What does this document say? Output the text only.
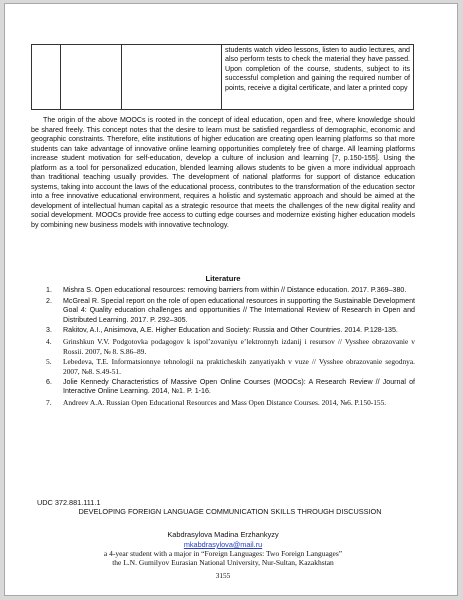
			students watch video lessons, listen to audio lectures, and also perform tests to check the material they have passed. Upon completion of the course, students, subject to its successful completion and gaining the required number of points, receive a digital certificate, and later a printed copy

The origin of the above MOOCs is rooted in the concept of ideal education, open and free, where knowledge should be shared freely. This concept notes that the desire to learn must be satisfied regardless of demographic, economic and geographic constraints. Therefore, elite institutions of higher education are creating open learning platforms so that more students can take advantage of innovative online learning opportunities completely free of charge. All learning platforms increase student motivation for self-education, develop a culture of inclusion and learning [7, p.150-155]. Using the platform as a tool for personalized education, blended learning allows students to be given a more individual approach than traditional teaching usually provides. The development of national platforms for support of distance education systems, taking into account the laws of the educational process, contributes to the transformation of the education sector into a free innovative educational environment, requires a holistic and systematic approach and should be aimed at the development of intellectual human capital as a strategic resource that meets the challenges of the new digital reality and social development. MOOCs provide free access to cutting edge courses and modernize existing higher education models by combining new business models with innovative technology.

Literature

1. Mishra S. Open educational resources: removing barriers from within // Distance education. 2017. P.369–380.
2. McGreal R. Special report on the role of open educational resources in supporting the Sustainable Development Goal 4: Quality education challenges and opportunities // The International Review of Research in Open and Distributed Learning. 2017. P. 292–305.
3. Rakitov, A.I., Anisimova, A.E. Higher Education and Society: Russia and Other Countries. 2014. P.128-135.
4. Grinshkun V.V. Podgotovka podagogov k ispol’zovaniyu e’lektronnyh izdanij i resursov // Vysshee obrazovanie v Rossii. 2007, № 8. S.86–89.
5. Lebedeva, T.E. Informatsionnye tehnologii na prakticheskih zanyatiyakh v vuze // Vysshee obrazovanie segodnya. 2007, №8. S.49-51.
6. Jolie Kennedy Characteristics of Massive Open Online Courses (MOOCs): A Research Review // Journal of Interactive Online Learning. 2014, №1. P. 1-16.
7. Andreev A.A. Russian Open Educational Resources and Mass Open Distance Courses. 2014, №6. P.150-155.

UDC 372.881.111.1

DEVELOPING FOREIGN LANGUAGE COMMUNICATION SKILLS THROUGH DISCUSSION

Kabdrasylova Madina Erzhankyzy

mkabdrasylova@mail.ru

a 4-year student with a major in “Foreign Languages: Two Foreign Languages”
the L.N. Gumilyov Eurasian National University, Nur-Sultan, Kazakhstan

3155
